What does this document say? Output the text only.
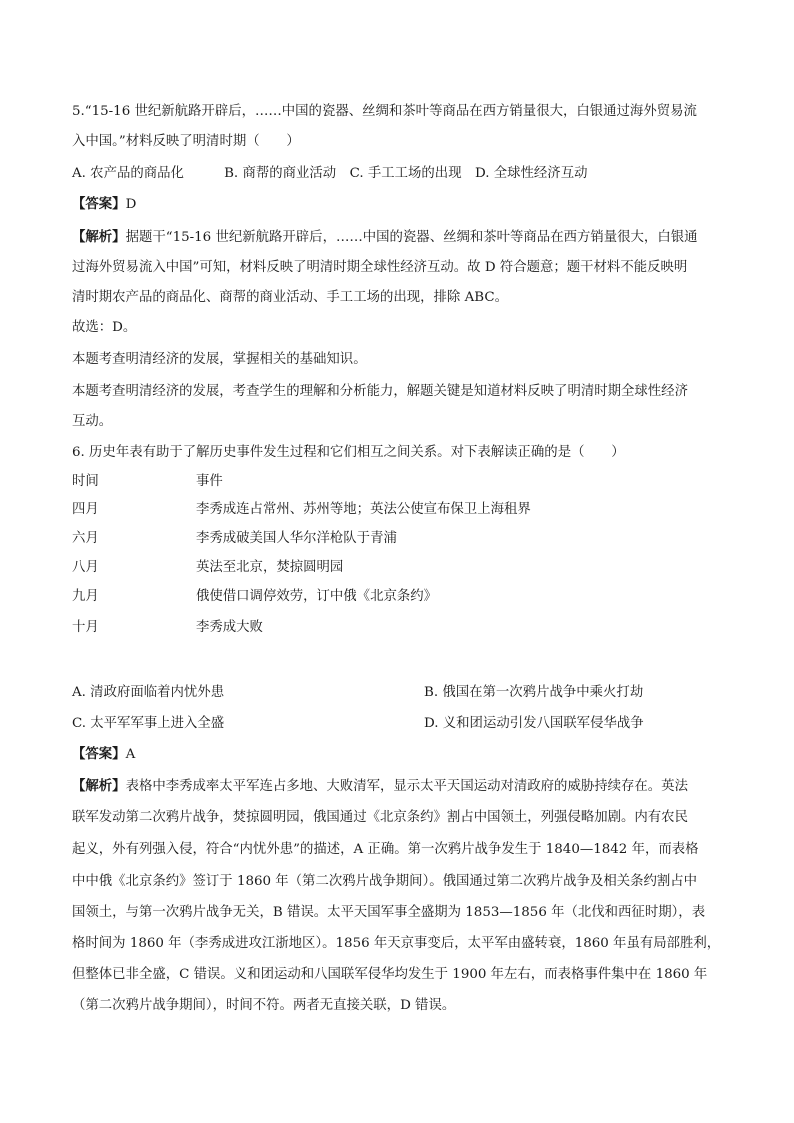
5.“15-16 世纪新航路开辟后，……中国的瓷器、丝绸和茶叶等商品在西方销量很大，白银通过海外贸易流
入中国。”材料反映了明清时期（　　）
A. 农产品的商品化　　　B. 商帮的商业活动　C. 手工工场的出现　D. 全球性经济互动
【答案】D
【解析】据题干“15-16 世纪新航路开辟后，……中国的瓷器、丝绸和茶叶等商品在西方销量很大，白银通
过海外贸易流入中国”可知，材料反映了明清时期全球性经济互动。故 D 符合题意；题干材料不能反映明
清时期农产品的商品化、商帮的商业活动、手工工场的出现，排除 ABC。
故选：D。
本题考查明清经济的发展，掌握相关的基础知识。
本题考查明清经济的发展，考查学生的理解和分析能力，解题关键是知道材料反映了明清时期全球性经济
互动。
6. 历史年表有助于了解历史事件发生过程和它们相互之间关系。对下表解读正确的是（　　）
时间	事件
四月	李秀成连占常州、苏州等地；英法公使宣布保卫上海租界
六月	李秀成破美国人华尔洋枪队于青浦
八月	英法至北京，焚掠圆明园
九月	俄使借口调停效劳，订中俄《北京条约》
十月	李秀成大败
A. 清政府面临着内忧外患	B. 俄国在第一次鸦片战争中乘火打劫
C. 太平军军事上进入全盛	D. 义和团运动引发八国联军侵华战争
【答案】A
【解析】表格中李秀成率太平军连占多地、大败清军，显示太平天国运动对清政府的威胁持续存在。英法
联军发动第二次鸦片战争，焚掠圆明园，俄国通过《北京条约》割占中国领土，列强侵略加剧。内有农民
起义，外有列强入侵，符合“内忧外患”的描述，A 正确。第一次鸦片战争发生于 1840—1842 年，而表格
中中俄《北京条约》签订于 1860 年（第二次鸦片战争期间）。俄国通过第二次鸦片战争及相关条约割占中
国领土，与第一次鸦片战争无关，B 错误。太平天国军事全盛期为 1853—1856 年（北伐和西征时期），表
格时间为 1860 年（李秀成进攻江浙地区）。1856 年天京事变后，太平军由盛转衰，1860 年虽有局部胜利，
但整体已非全盛，C 错误。义和团运动和八国联军侵华均发生于 1900 年左右，而表格事件集中在 1860 年
（第二次鸦片战争期间），时间不符。两者无直接关联，D 错误。
